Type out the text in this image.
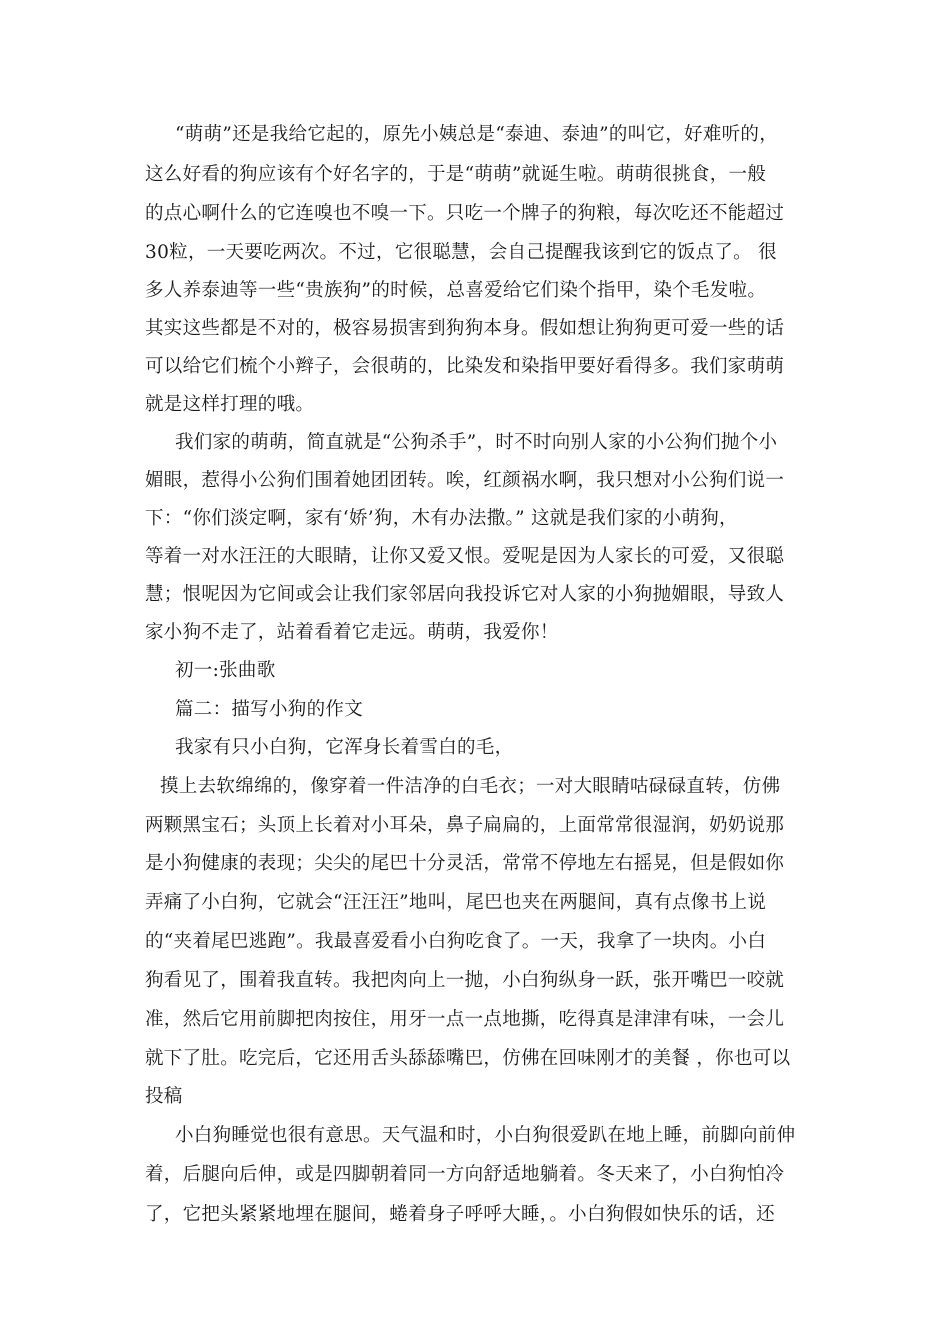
“萌萌”还是我给它起的，原先小姨总是“泰迪、泰迪”的叫它，好难听的，
这么好看的狗应该有个好名字的，于是“萌萌”就诞生啦。萌萌很挑食，一般
的点心啊什么的它连嗅也不嗅一下。只吃一个牌子的狗粮，每次吃还不能超过
30粒，一天要吃两次。不过，它很聪慧，会自己提醒我该到它的饭点了。 很
多人养泰迪等一些“贵族狗”的时候，总喜爱给它们染个指甲，染个毛发啦。
其实这些都是不对的，极容易损害到狗狗本身。假如想让狗狗更可爱一些的话
可以给它们梳个小辫子，会很萌的，比染发和染指甲要好看得多。我们家萌萌
就是这样打理的哦。
我们家的萌萌，简直就是“公狗杀手”，时不时向别人家的小公狗们抛个小
媚眼，惹得小公狗们围着她团团转。唉，红颜祸水啊，我只想对小公狗们说一
下：“你们淡定啊，家有‘娇’狗，木有办法撒。” 这就是我们家的小萌狗，
等着一对水汪汪的大眼睛，让你又爱又恨。爱呢是因为人家长的可爱，又很聪
慧；恨呢因为它间或会让我们家邻居向我投诉它对人家的小狗抛媚眼，导致人
家小狗不走了，站着看着它走远。萌萌，我爱你！
初一:张曲歌
篇二：描写小狗的作文
我家有只小白狗，它浑身长着雪白的毛，
摸上去软绵绵的，像穿着一件洁净的白毛衣；一对大眼睛咕碌碌直转，仿佛
两颗黑宝石；头顶上长着对小耳朵，鼻子扁扁的，上面常常很湿润，奶奶说那
是小狗健康的表现；尖尖的尾巴十分灵活，常常不停地左右摇晃，但是假如你
弄痛了小白狗，它就会“汪汪汪”地叫，尾巴也夹在两腿间，真有点像书上说
的“夹着尾巴逃跑”。我最喜爱看小白狗吃食了。一天，我拿了一块肉。小白
狗看见了，围着我直转。我把肉向上一抛，小白狗纵身一跃，张开嘴巴一咬就
准，然后它用前脚把肉按住，用牙一点一点地撕，吃得真是津津有味，一会儿
就下了肚。吃完后，它还用舌头舔舔嘴巴，仿佛在回味刚才的美餐 ，你也可以
投稿
小白狗睡觉也很有意思。天气温和时，小白狗很爱趴在地上睡，前脚向前伸
着，后腿向后伸，或是四脚朝着同一方向舒适地躺着。冬天来了，小白狗怕冷
了，它把头紧紧地埋在腿间，蜷着身子呼呼大睡，。小白狗假如快乐的话，还
